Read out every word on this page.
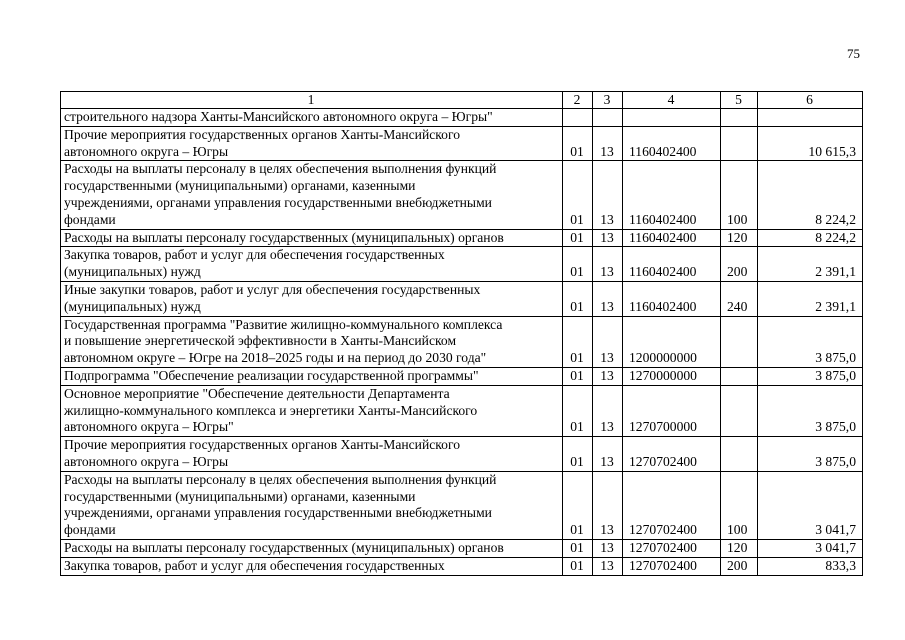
75
1	2	3	4	5	6

строительного надзора Ханты-Мансийского автономного округа – Югры"					

Прочие мероприятия государственных органов Ханты-Мансийского
автономного округа – Югры	01	13	1160402400		10 615,3

Расходы на выплаты персоналу в целях обеспечения выполнения функций
государственными (муниципальными) органами, казенными
учреждениями, органами управления государственными внебюджетными
фондами	01	13	1160402400	100	8 224,2

Расходы на выплаты персоналу государственных (муниципальных) органов	01	13	1160402400	120	8 224,2

Закупка товаров, работ и услуг для обеспечения государственных
(муниципальных) нужд	01	13	1160402400	200	2 391,1

Иные закупки товаров, работ и услуг для обеспечения государственных
(муниципальных) нужд	01	13	1160402400	240	2 391,1

Государственная программа "Развитие жилищно-коммунального комплекса
и повышение энергетической эффективности в Ханты-Мансийском
автономном округе – Югре на 2018–2025 годы и на период до 2030 года"	01	13	1200000000		3 875,0

Подпрограмма "Обеспечение реализации государственной программы"	01	13	1270000000		3 875,0

Основное мероприятие "Обеспечение деятельности Департамента
жилищно-коммунального комплекса и энергетики Ханты-Мансийского
автономного округа – Югры"	01	13	1270700000		3 875,0

Прочие мероприятия государственных органов Ханты-Мансийского
автономного округа – Югры	01	13	1270702400		3 875,0

Расходы на выплаты персоналу в целях обеспечения выполнения функций
государственными (муниципальными) органами, казенными
учреждениями, органами управления государственными внебюджетными
фондами	01	13	1270702400	100	3 041,7

Расходы на выплаты персоналу государственных (муниципальных) органов	01	13	1270702400	120	3 041,7

Закупка товаров, работ и услуг для обеспечения государственных	01	13	1270702400	200	833,3
